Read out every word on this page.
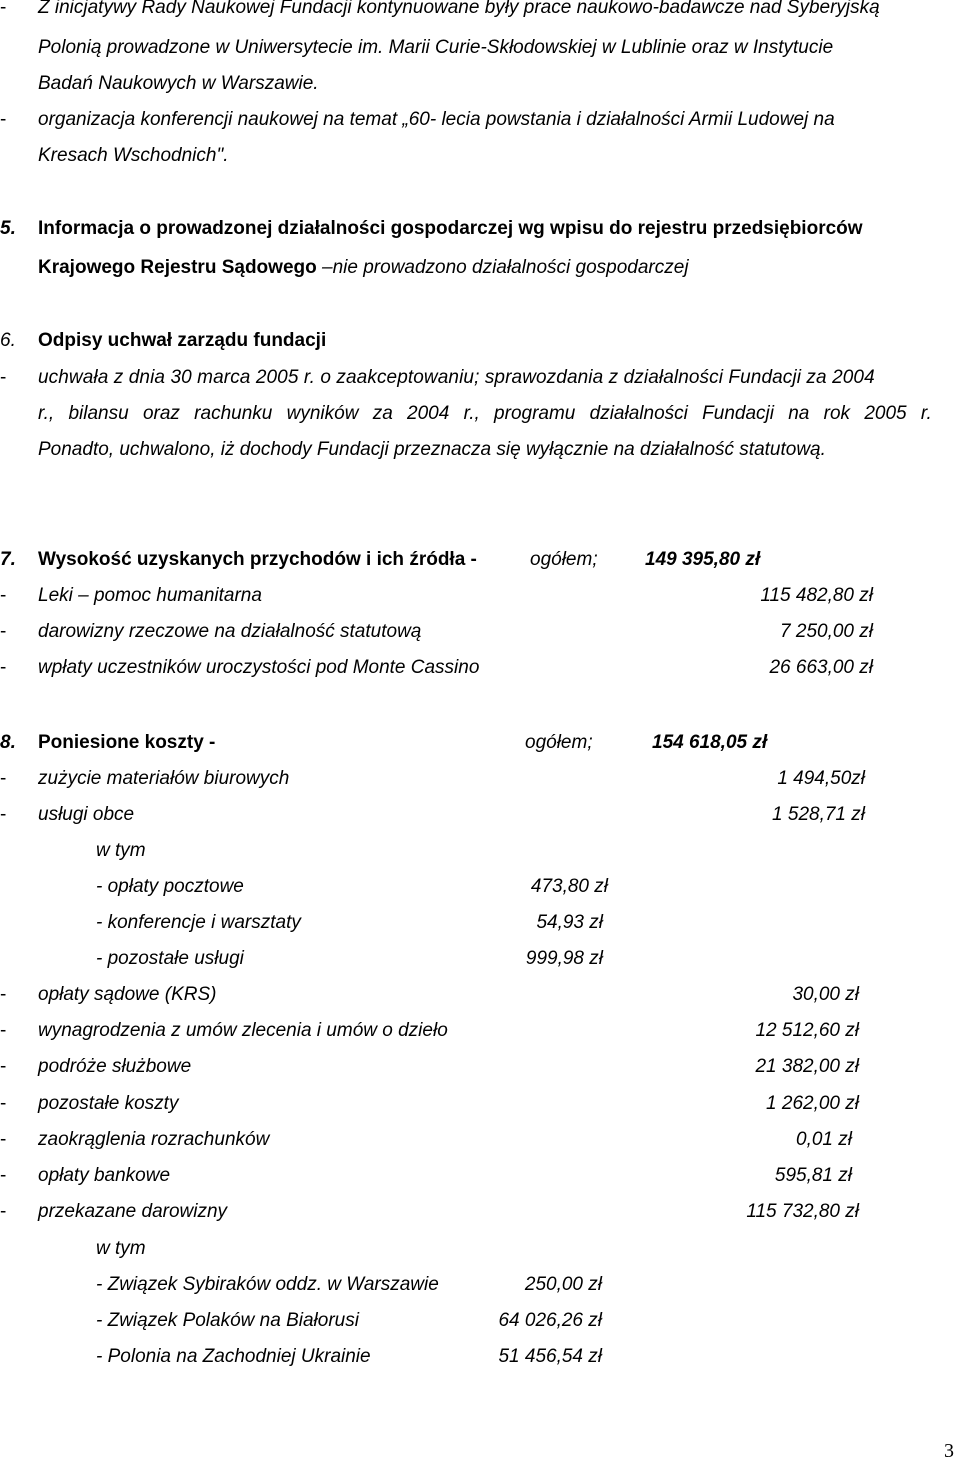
- Z inicjatywy Rady Naukowej Fundacji kontynuowane były prace naukowo-badawcze nad Syberyjską
Polonią prowadzone w Uniwersytecie im. Marii Curie-Skłodowskiej w Lublinie oraz w Instytucie
Badań Naukowych w Warszawie.
- organizacja konferencji naukowej na temat „60- lecia powstania i działalności Armii Ludowej na
Kresach Wschodnich".
5. Informacja o prowadzonej działalności gospodarczej wg wpisu do rejestru przedsiębiorców
Krajowego Rejestru Sądowego –nie prowadzono działalności gospodarczej
6. Odpisy uchwał zarządu fundacji
- uchwała z dnia 30 marca 2005 r. o zaakceptowaniu; sprawozdania z działalności Fundacji za 2004
r., bilansu oraz rachunku wyników za 2004 r., programu działalności Fundacji na rok 2005 r.
Ponadto, uchwalono, iż dochody Fundacji przeznacza się wyłącznie na działalność statutową.
7. Wysokość uzyskanych przychodów i ich źródła -	ogółem; 149 395,80 zł
- Leki – pomoc humanitarna	115 482,80 zł
- darowizny rzeczowe na działalność statutową	7 250,00 zł
- wpłaty uczestników uroczystości pod Monte Cassino	26 663,00 zł
8. Poniesione koszty -	ogółem;	154 618,05 zł
- zużycie materiałów biurowych	1 494,50zł
- usługi obce	1 528,71 zł
w tym
- opłaty pocztowe	473,80 zł
- konferencje i warsztaty	54,93 zł
- pozostałe usługi	999,98 zł
- opłaty sądowe (KRS)	30,00 zł
- wynagrodzenia z umów zlecenia i umów o dzieło	12 512,60 zł
- podróże służbowe	21 382,00 zł
- pozostałe koszty	1 262,00 zł
- zaokrąglenia rozrachunków	0,01 zł
- opłaty bankowe	595,81 zł
- przekazane darowizny	115 732,80 zł
w tym
- Związek Sybiraków oddz. w Warszawie	250,00 zł
- Związek Polaków na Białorusi	64 026,26 zł
- Polonia na Zachodniej Ukrainie	51 456,54 zł
3
